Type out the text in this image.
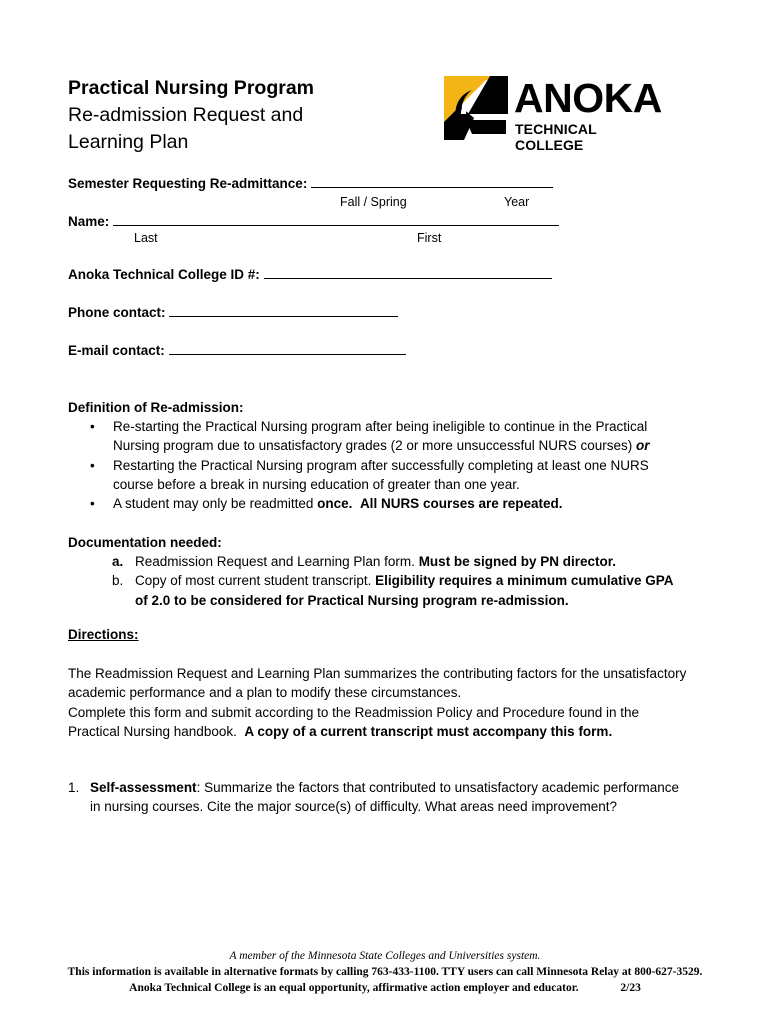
Practical Nursing Program
Re-admission Request and
Learning Plan
ANOKA
TECHNICAL COLLEGE
Semester Requesting Re-admittance:
Fall / Spring	Year
Name:
Last	First
Anoka Technical College ID #:
Phone contact:
E-mail contact:
Definition of Re-admission:
• Re-starting the Practical Nursing program after being ineligible to continue in the Practical
Nursing program due to unsatisfactory grades (2 or more unsuccessful NURS courses) or
• Restarting the Practical Nursing program after successfully completing at least one NURS
course before a break in nursing education of greater than one year.
• A student may only be readmitted once. All NURS courses are repeated.
Documentation needed:
a. Readmission Request and Learning Plan form. Must be signed by PN director.
b. Copy of most current student transcript. Eligibility requires a minimum cumulative GPA
of 2.0 to be considered for Practical Nursing program re-admission.
Directions:

The Readmission Request and Learning Plan summarizes the contributing factors for the unsatisfactory
academic performance and a plan to modify these circumstances.

Complete this form and submit according to the Readmission Policy and Procedure found in the
Practical Nursing handbook. A copy of a current transcript must accompany this form.

1. Self-assessment: Summarize the factors that contributed to unsatisfactory academic performance
in nursing courses. Cite the major source(s) of difficulty. What areas need improvement?
A member of the Minnesota State Colleges and Universities system.
This information is available in alternative formats by calling 763-433-1100. TTY users can call Minnesota Relay at 800-627-3529.
Anoka Technical College is an equal opportunity, affirmative action employer and educator.	2/23
